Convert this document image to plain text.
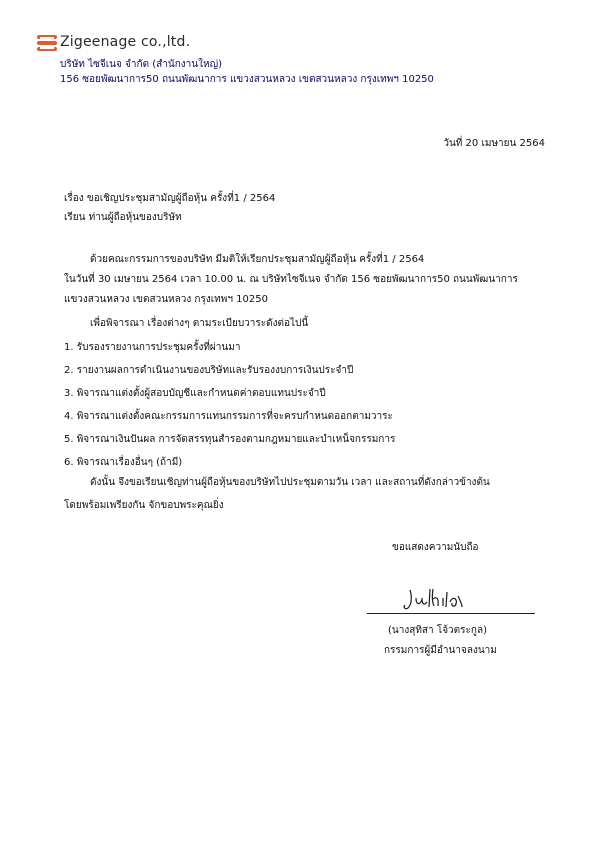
Zigeenage co.,ltd.
บริษัท ไซจีเนจ จำกัด (สำนักงานใหญ่)
156 ซอยพัฒนาการ50 ถนนพัฒนาการ แขวงสวนหลวง เขตสวนหลวง กรุงเทพฯ 10250
วันที่ 20 เมษายน 2564
เรื่อง ขอเชิญประชุมสามัญผู้ถือหุ้น ครั้งที่1 / 2564
เรียน ท่านผู้ถือหุ้นของบริษัท
ด้วยคณะกรรมการของบริษัท มีมติให้เรียกประชุมสามัญผู้ถือหุ้น ครั้งที่1 / 2564
ในวันที่ 30 เมษายน 2564 เวลา 10.00 น. ณ บริษัทไซจีเนจ จำกัด 156 ซอยพัฒนาการ50 ถนนพัฒนาการ
แขวงสวนหลวง เขตสวนหลวง กรุงเทพฯ 10250
เพื่อพิจารณา เรื่องต่างๆ ตามระเบียบวาระดังต่อไปนี้
1. รับรองรายงานการประชุมครั้งที่ผ่านมา
2. รายงานผลการดำเนินงานของบริษัทและรับรองงบการเงินประจำปี
3. พิจารณาแต่งตั้งผู้สอบบัญชีและกำหนดค่าตอบแทนประจำปี
4. พิจารณาแต่งตั้งคณะกรรมการแทนกรรมการที่จะครบกำหนดออกตามวาระ
5. พิจารณาเงินปันผล การจัดสรรทุนสำรองตามกฎหมายและบำเหน็จกรรมการ
6. พิจารณาเรื่องอื่นๆ (ถ้ามี)
ดังนั้น จึงขอเรียนเชิญท่านผู้ถือหุ้นของบริษัทไปประชุมตามวัน เวลา และสถานที่ดังกล่าวข้างต้น
โดยพร้อมเพรียงกัน จักขอบพระคุณยิ่ง
ขอแสดงความนับถือ
(นางสุทิสา โจ้วตระกูล)
กรรมการผู้มีอำนาจลงนาม
